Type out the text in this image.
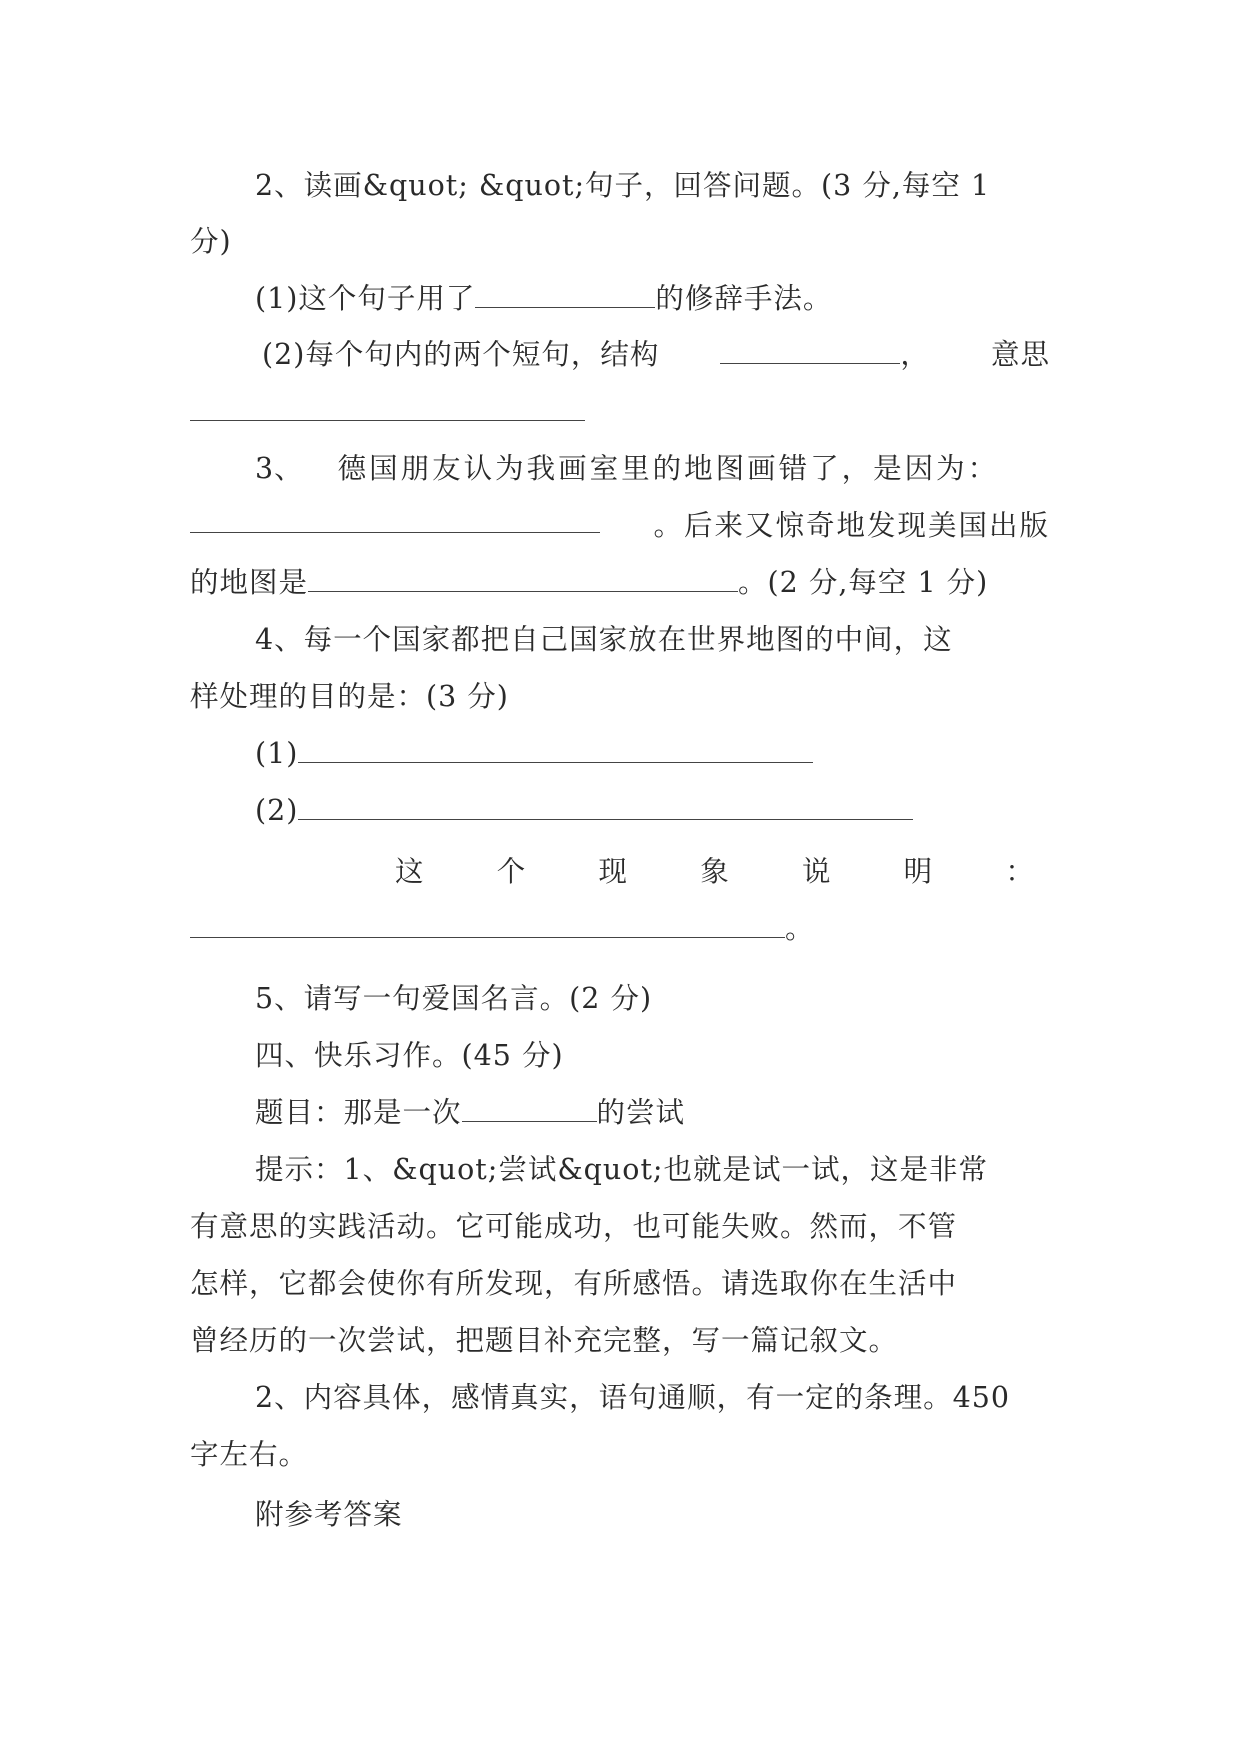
2、读画&quot; &quot;句子，回答问题。(3 分,每空 1
分)
(1)这个句子用了	的修辞手法。
(2)每个句内的两个短句，结构	， 意思
3、 德国朋友认为我画室里的地图画错了，是因为：
。后来又惊奇地发现美国出版
的地图是	。(2 分,每空 1 分)
4、每一个国家都把自己国家放在世界地图的中间，这
样处理的目的是：(3 分)
(1)
(2)
这	个	现	象	说	明	：
。
5、请写一句爱国名言。(2 分)
四、快乐习作。(45 分)
题目：那是一次	的尝试
提示：1、&quot;尝试&quot;也就是试一试，这是非常
有意思的实践活动。它可能成功，也可能失败。然而，不管
怎样，它都会使你有所发现，有所感悟。请选取你在生活中
曾经历的一次尝试，把题目补充完整，写一篇记叙文。
2、内容具体，感情真实，语句通顺，有一定的条理。450
字左右。
附参考答案
